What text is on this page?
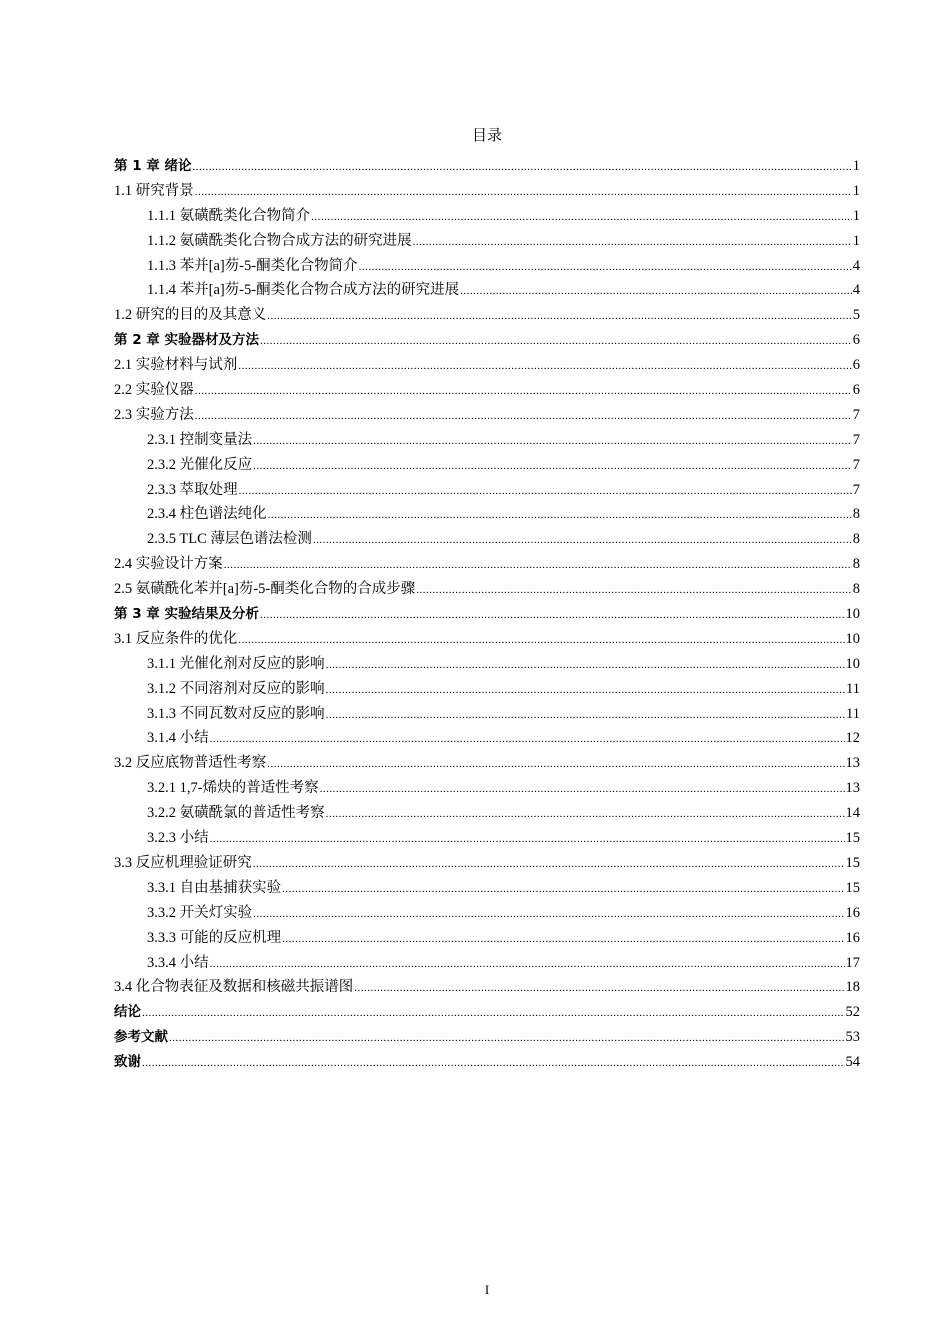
目录
第 1 章 绪论 .....	1
1.1 研究背景 .....	1
1.1.1 氨磺酰类化合物简介 .....	1
1.1.2 氨磺酰类化合物合成方法的研究进展 .....	1
1.1.3 苯并[a]芴-5-酮类化合物简介 .....	4
1.1.4 苯并[a]芴-5-酮类化合物合成方法的研究进展 .....	4
1.2 研究的目的及其意义 .....	5
第 2 章 实验器材及方法 .....	6
2.1 实验材料与试剂 .....	6
2.2 实验仪器 .....	6
2.3 实验方法 .....	7
2.3.1 控制变量法 .....	7
2.3.2 光催化反应 .....	7
2.3.3 萃取处理 .....	7
2.3.4 柱色谱法纯化 .....	8
2.3.5 TLC 薄层色谱法检测 .....	8
2.4 实验设计方案 .....	8
2.5 氨磺酰化苯并[a]芴-5-酮类化合物的合成步骤 .....	8
第 3 章 实验结果及分析 .....	10
3.1 反应条件的优化 .....	10
3.1.1 光催化剂对反应的影响 .....	10
3.1.2 不同溶剂对反应的影响 .....	11
3.1.3 不同瓦数对反应的影响 .....	11
3.1.4 小结 .....	12
3.2 反应底物普适性考察 .....	13
3.2.1 1,7-烯炔的普适性考察 .....	13
3.2.2 氨磺酰氯的普适性考察 .....	14
3.2.3 小结 .....	15
3.3 反应机理验证研究 .....	15
3.3.1 自由基捕获实验 .....	15
3.3.2 开关灯实验 .....	16
3.3.3 可能的反应机理 .....	16
3.3.4 小结 .....	17
3.4 化合物表征及数据和核磁共振谱图 .....	18
结论 .....	52
参考文献 .....	53
致谢 .....	54
I
